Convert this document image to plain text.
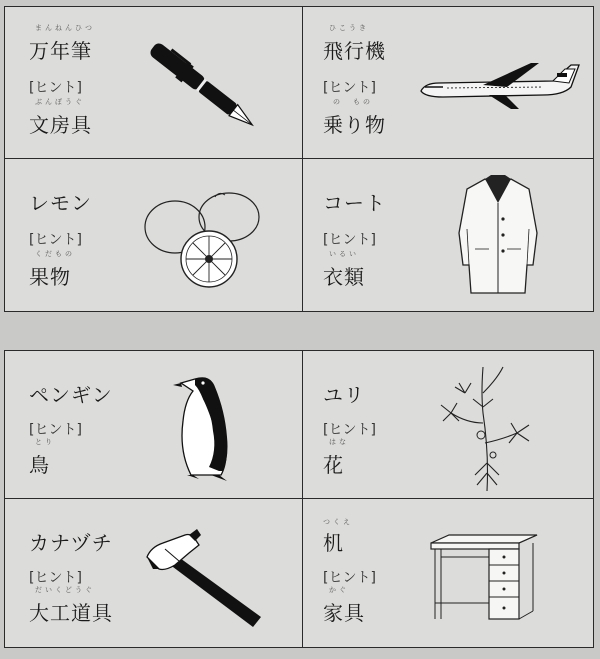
まんねんひつ
万年筆
[ヒント]
ぶんぼうぐ
文房具
ひこうき
飛行機
[ヒント]
の　もの
乗り物
レモン
[ヒント]
くだもの
果物
コート
[ヒント]
いるい
衣類
ペンギン
[ヒント]
とり
鳥
ユリ
[ヒント]
はな
花
カナヅチ
[ヒント]
だいくどうぐ
大工道具
つくえ
机
[ヒント]
かぐ
家具
